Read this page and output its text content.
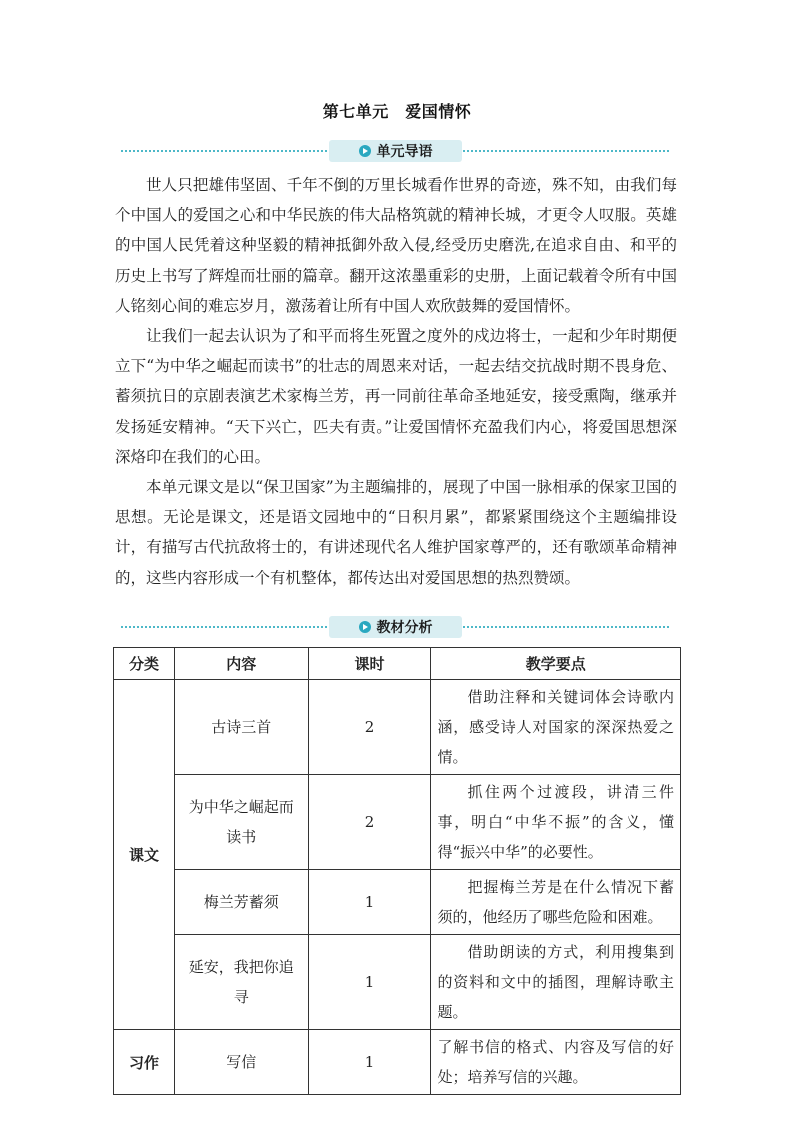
第七单元　爱国情怀
单元导语

世人只把雄伟坚固、千年不倒的万里长城看作世界的奇迹，殊不知，由我们每个中国人的爱国之心和中华民族的伟大品格筑就的精神长城，才更令人叹服。英雄的中国人民凭着这种坚毅的精神抵御外敌入侵,经受历史磨洗,在追求自由、和平的历史上书写了辉煌而壮丽的篇章。翻开这浓墨重彩的史册，上面记载着令所有中国人铭刻心间的难忘岁月，激荡着让所有中国人欢欣鼓舞的爱国情怀。

让我们一起去认识为了和平而将生死置之度外的戍边将士，一起和少年时期便立下“为中华之崛起而读书”的壮志的周恩来对话，一起去结交抗战时期不畏身危、蓄须抗日的京剧表演艺术家梅兰芳，再一同前往革命圣地延安，接受熏陶，继承并发扬延安精神。“天下兴亡，匹夫有责。”让爱国情怀充盈我们内心，将爱国思想深深烙印在我们的心田。

本单元课文是以“保卫国家”为主题编排的，展现了中国一脉相承的保家卫国的思想。无论是课文，还是语文园地中的“日积月累”，都紧紧围绕这个主题编排设计，有描写古代抗敌将士的，有讲述现代名人维护国家尊严的，还有歌颂革命精神的，这些内容形成一个有机整体，都传达出对爱国思想的热烈赞颂。

教材分析
分类	内容	课时	教学要点
课文	古诗三首	2	借助注释和关键词体会诗歌内涵，感受诗人对国家的深深热爱之情。
	为中华之崛起而读书	2	抓住两个过渡段，讲清三件事，明白“中华不振”的含义，懂得“振兴中华”的必要性。
	梅兰芳蓄须	1	把握梅兰芳是在什么情况下蓄须的，他经历了哪些危险和困难。
	延安，我把你追寻	1	借助朗读的方式，利用搜集到的资料和文中的插图，理解诗歌主题。
习作	写信	1	了解书信的格式、内容及写信的好处；培养写信的兴趣。
